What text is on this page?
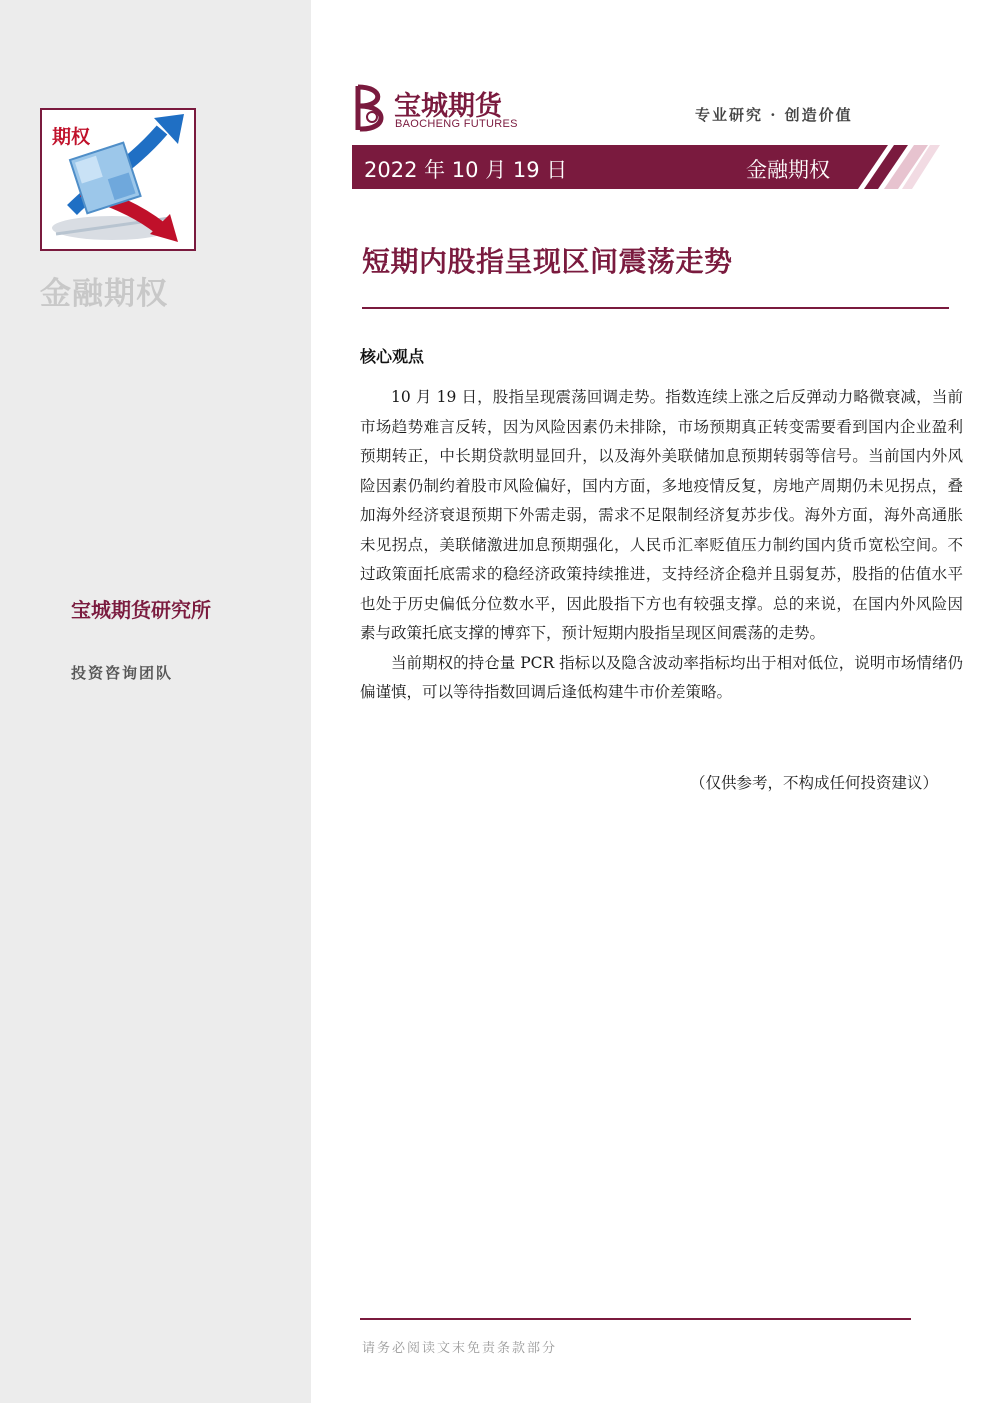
期权
金融期权
宝城期货研究所
投资咨询团队
宝城期货
BAOCHENG FUTURES	专业研究 · 创造价值
2022 年 10 月 19 日	金融期权
短期内股指呈现区间震荡走势
核心观点

10 月 19 日，股指呈现震荡回调走势。指数连续上涨之后反弹动力略微衰减，当前市场趋势难言反转，因为风险因素仍未排除，市场预期真正转变需要看到国内企业盈利预期转正，中长期贷款明显回升，以及海外美联储加息预期转弱等信号。当前国内外风险因素仍制约着股市风险偏好，国内方面，多地疫情反复，房地产周期仍未见拐点，叠加海外经济衰退预期下外需走弱，需求不足限制经济复苏步伐。海外方面，海外高通胀未见拐点，美联储激进加息预期强化，人民币汇率贬值压力制约国内货币宽松空间。不过政策面托底需求的稳经济政策持续推进，支持经济企稳并且弱复苏，股指的估值水平也处于历史偏低分位数水平，因此股指下方也有较强支撑。总的来说，在国内外风险因素与政策托底支撑的博弈下，预计短期内股指呈现区间震荡的走势。

当前期权的持仓量 PCR 指标以及隐含波动率指标均出于相对低位，说明市场情绪仍偏谨慎，可以等待指数回调后逢低构建牛市价差策略。

（仅供参考，不构成任何投资建议）
请务必阅读文末免责条款部分
